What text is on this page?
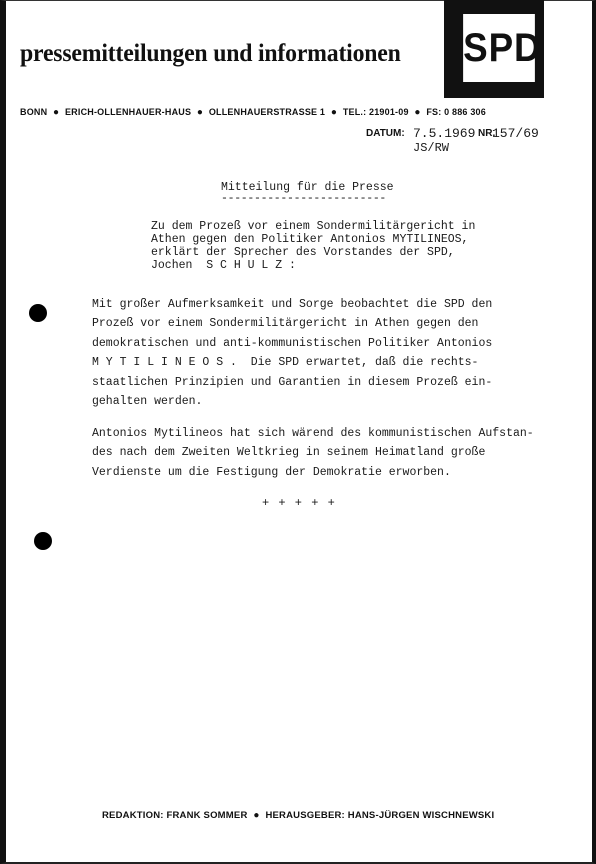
SPD
pressemitteilungen und informationen
BONN ● ERICH-OLLENHAUER-HAUS ● OLLENHAUERSTRASSE 1 ● TEL.: 21901-09 ● FS: 0 886 306
DATUM: 7.5.1969 NR.
157/69
JS/RW
Mitteilung für die Presse
-------------------------
Zu dem Prozeß vor einem Sondermilitärgericht in
Athen gegen den Politiker Antonios MYTILINEOS,
erklärt der Sprecher des Vorstandes der SPD,
Jochen  S C H U L Z :
Mit großer Aufmerksamkeit und Sorge beobachtet die SPD den
Prozeß vor einem Sondermilitärgericht in Athen gegen den
demokratischen und anti-kommunistischen Politiker Antonios
M Y T I L I N E O S .  Die SPD erwartet, daß die rechts-
staatlichen Prinzipien und Garantien in diesem Prozeß ein-
gehalten werden.
Antonios Mytilineos hat sich wärend des kommunistischen Aufstan-
des nach dem Zweiten Weltkrieg in seinem Heimatland große
Verdienste um die Festigung der Demokratie erworben.
+ + + + +
REDAKTION: FRANK SOMMER ● HERAUSGEBER: HANS-JÜRGEN WISCHNEWSKI
